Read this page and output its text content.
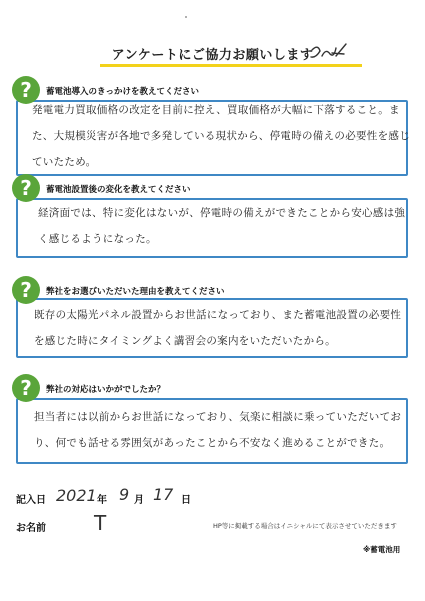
アンケートにご協力お願いします
?	蓄電池導入のきっかけを教えてください
発電電力買取価格の改定を目前に控え、買取価格が大幅に下落すること。ま
た、大規模災害が各地で多発している現状から、停電時の備えの必要性を感じ
ていたため。
?	蓄電池設置後の変化を教えてください
経済面では、特に変化はないが、停電時の備えができたことから安心感は強
く感じるようになった。
?	弊社をお選びいただいた理由を教えてください
既存の太陽光パネル設置からお世話になっており、また蓄電池設置の必要性
を感じた時にタイミングよく講習会の案内をいただいたから。
?	弊社の対応はいかがでしたか？
担当者には以前からお世話になっており、気楽に相談に乗っていただいてお
り、何でも話せる雰囲気があったことから不安なく進めることができた。
記入日 2021 年 9 月 17 日
お名前 T	HP等に掲載する場合はイニシャルにて表示させていただきます
※蓄電池用
